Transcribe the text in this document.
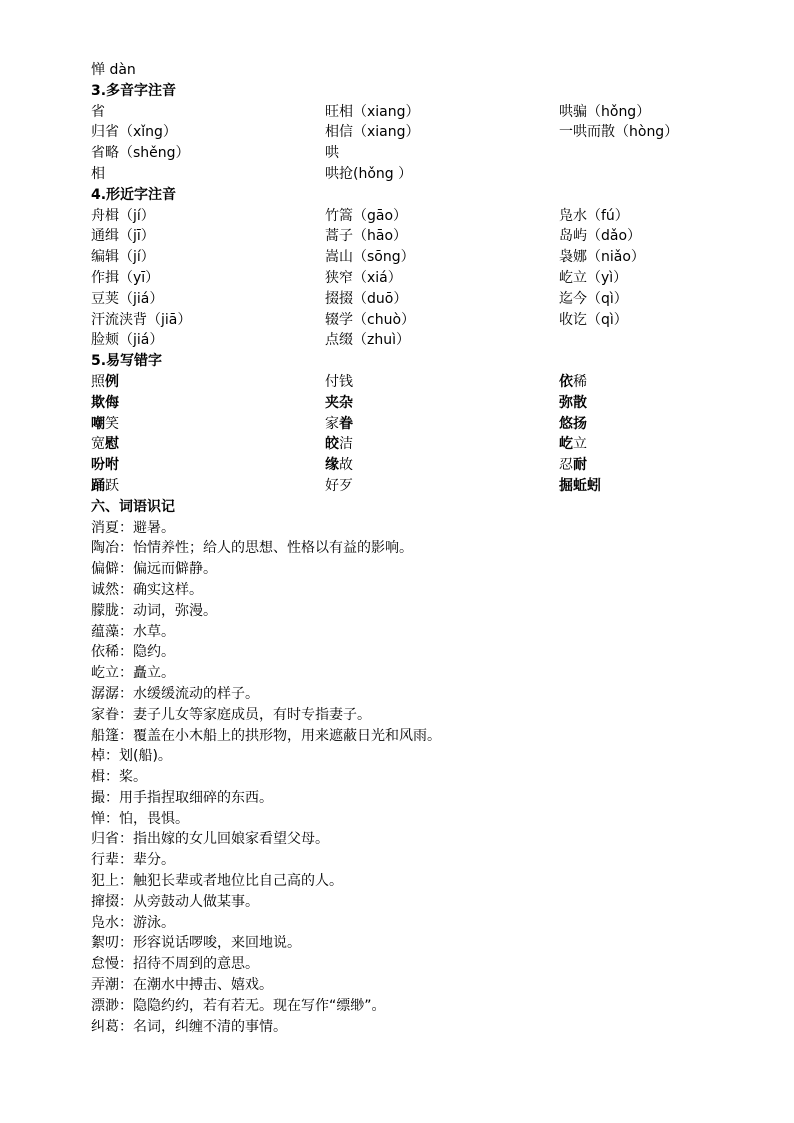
惮 dàn
3.多音字注音
省	旺相（xiang）	哄骗（hǒng）
归省（xǐng）	相信（xiang）	一哄而散（hòng）
省略（shěng）	哄
相	哄抢(hǒng ）
4.形近字注音
舟楫（jí）	竹篙（gāo）	凫水（fú）
通缉（jī）	蒿子（hāo）	岛屿（dǎo）
编辑（jí）	嵩山（sōng）	袅娜（niǎo）
作揖（yī）	狭窄（xiá）	屹立（yì）
豆荚（jiá）	掇掇（duō）	迄今（qì）
汗流浃背（jiā）	辍学（chuò）	收讫（qì）
脸颊（jiá）	点缀（zhuì）
5.易写错字
照例	付钱	依稀
欺侮	夹杂	弥散
嘲笑	家眷	悠扬
宽慰	皎洁	屹立
吩咐	缘故	忍耐
踊跃	好歹	掘蚯蚓
六、词语识记
消夏：避暑。
陶冶：怡情养性；给人的思想、性格以有益的影响。
偏僻：偏远而僻静。
诚然：确实这样。
朦胧：动词，弥漫。
蕴藻：水草。
依稀：隐约。
屹立：矗立。
潺潺：水缓缓流动的样子。
家眷：妻子儿女等家庭成员，有时专指妻子。
船篷：覆盖在小木船上的拱形物，用来遮蔽日光和风雨。
棹：划(船)。
楫：桨。
撮：用手指捏取细碎的东西。
惮：怕，畏惧。
归省：指出嫁的女儿回娘家看望父母。
行辈：辈分。
犯上：触犯长辈或者地位比自己高的人。
撺掇：从旁鼓动人做某事。
凫水：游泳。
絮叨：形容说话啰唆，来回地说。
怠慢：招待不周到的意思。
弄潮：在潮水中搏击、嬉戏。
漂渺：隐隐约约，若有若无。现在写作“缥缈”。
纠葛：名词，纠缠不清的事情。
